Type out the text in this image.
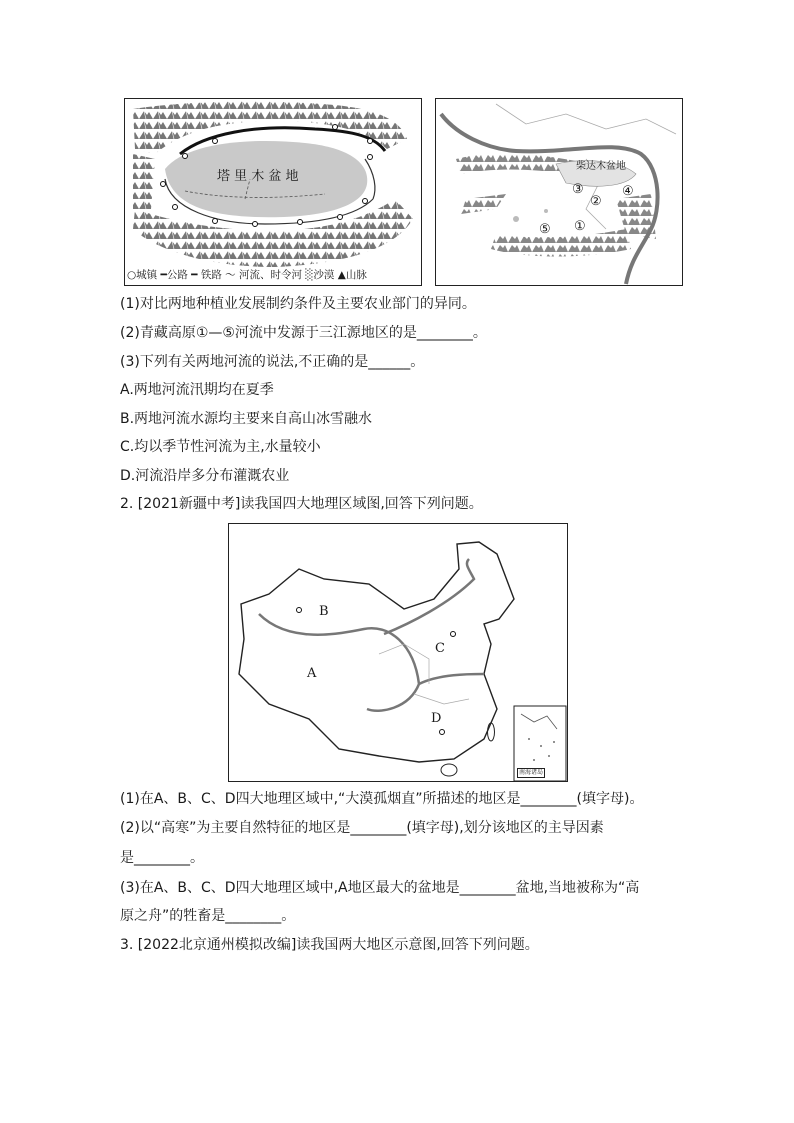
塔 里 木 盆 地
○城镇 ━公路 ━ 铁路 ～ 河流、时令河 ░沙漠 ▲山脉
柴达木盆地
③	④
②
①
⑤
(1)对比两地种植业发展制约条件及主要农业部门的异同。
(2)青藏高原①—⑤河流中发源于三江源地区的是________。
(3)下列有关两地河流的说法,不正确的是______。
A.两地河流汛期均在夏季
B.两地河流水源均主要来自高山冰雪融水
C.均以季节性河流为主,水量较小
D.河流沿岸多分布灌溉农业
2. [2021新疆中考]读我国四大地理区域图,回答下列问题。
B
A
C
D
南海诸岛
(1)在A、B、C、D四大地理区域中,“大漠孤烟直”所描述的地区是________(填字母)。
(2)以“高寒”为主要自然特征的地区是________(填字母),划分该地区的主导因素
是________。
(3)在A、B、C、D四大地理区域中,A地区最大的盆地是________盆地,当地被称为“高
原之舟”的牲畜是________。
3. [2022北京通州模拟改编]读我国两大地区示意图,回答下列问题。
